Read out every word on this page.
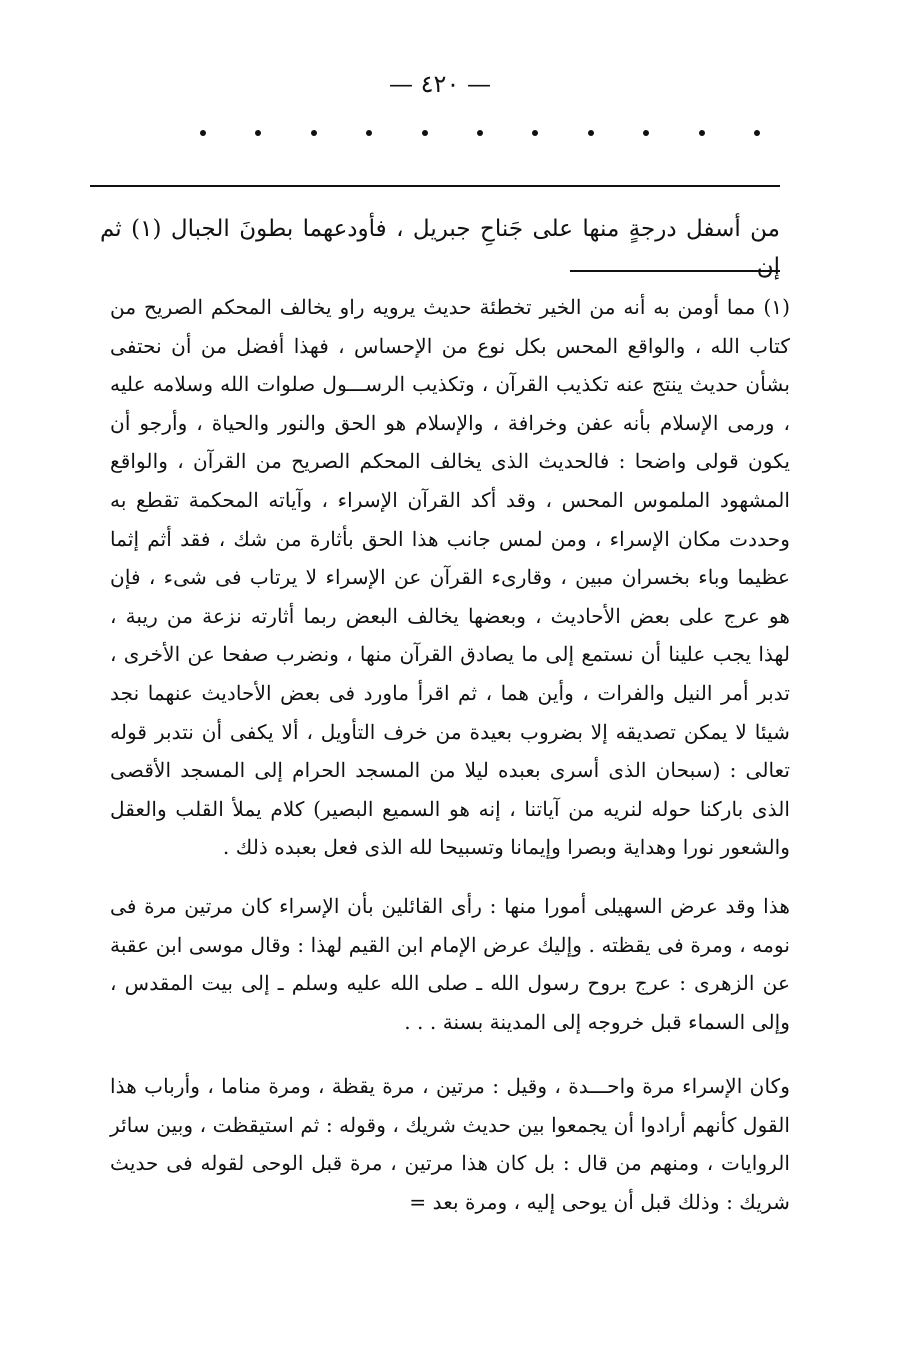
— ٤٢٠ —
من أسفل درجةٍ منها على جَناحِ جبريل ، فأودعهما بطونَ الجبال (١) ثم إن

(١) مما أومن به أنه من الخير تخطئة حديث يرويه راو يخالف المحكم الصريح من كتاب الله ، والواقع المحس بكل نوع من الإحساس ، فهذا أفضل من أن نحتفى بشأن حديث ينتج عنه تكذيب القرآن ، وتكذيب الرســـول صلوات الله وسلامه عليه ، ورمى الإسلام بأنه عفن وخرافة ، والإسلام هو الحق والنور والحياة ، وأرجو أن يكون قولى واضحا : فالحديث الذى يخالف المحكم الصريح من القرآن ، والواقع المشهود الملموس المحس ، وقد أكد القرآن الإسراء ، وآياته المحكمة تقطع به وحددت مكان الإسراء ، ومن لمس جانب هذا الحق بأثارة من شك ، فقد أثم إثما عظيما وباء بخسران مبين ، وقارىء القرآن عن الإسراء لا يرتاب فى شىء ، فإن هو عرج على بعض الأحاديث ، وبعضها يخالف البعض ربما أثارته نزعة من ريبة ، لهذا يجب علينا أن نستمع إلى ما يصادق القرآن منها ، ونضرب صفحا عن الأخرى ، تدبر أمر النيل والفرات ، وأين هما ، ثم اقرأ ماورد فى بعض الأحاديث عنهما نجد شيئا لا يمكن تصديقه إلا بضروب بعيدة من خرف التأويل ، ألا يكفى أن نتدبر قوله تعالى : (سبحان الذى أسرى بعبده ليلا من المسجد الحرام إلى المسجد الأقصى الذى باركنا حوله لنريه من آياتنا ، إنه هو السميع البصير) كلام يملأ القلب والعقل والشعور نورا وهداية وبصرا وإيمانا وتسبيحا لله الذى فعل بعبده ذلك .

هذا وقد عرض السهيلى أمورا منها : رأى القائلين بأن الإسراء كان مرتين مرة فى نومه ، ومرة فى يقظته . وإليك عرض الإمام ابن القيم لهذا : وقال موسى ابن عقبة عن الزهرى : عرج بروح رسول الله ـ صلى الله عليه وسلم ـ إلى بيت المقدس ، وإلى السماء قبل خروجه إلى المدينة بسنة . . .

وكان الإسراء مرة واحـــدة ، وقيل : مرتين ، مرة يقظة ، ومرة مناما ، وأرباب هذا القول كأنهم أرادوا أن يجمعوا بين حديث شريك ، وقوله : ثم استيقظت ، وبين سائر الروايات ، ومنهم من قال : بل كان هذا مرتين ، مرة قبل الوحى لقوله فى حديث شريك : وذلك قبل أن يوحى إليه ، ومرة بعد =
